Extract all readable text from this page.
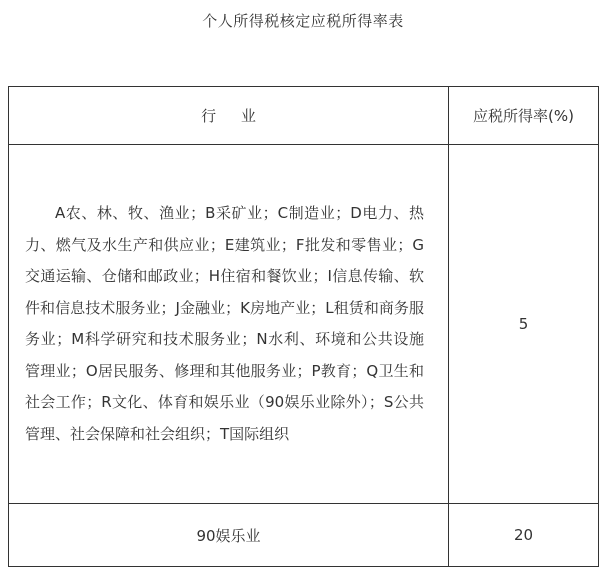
个人所得税核定应税所得率表
行 业	应税所得率(%)
A农、林、牧、渔业；B采矿业；C制造业；D电力、热力、燃气及水生产和供应业；E建筑业；F批发和零售业；G交通运输、仓储和邮政业；H住宿和餐饮业；I信息传输、软件和信息技术服务业；J金融业；K房地产业；L租赁和商务服务业；M科学研究和技术服务业；N水利、环境和公共设施管理业；O居民服务、修理和其他服务业；P教育；Q卫生和社会工作；R文化、体育和娱乐业（90娱乐业除外）；S公共管理、社会保障和社会组织；T国际组织	5
90娱乐业	20
